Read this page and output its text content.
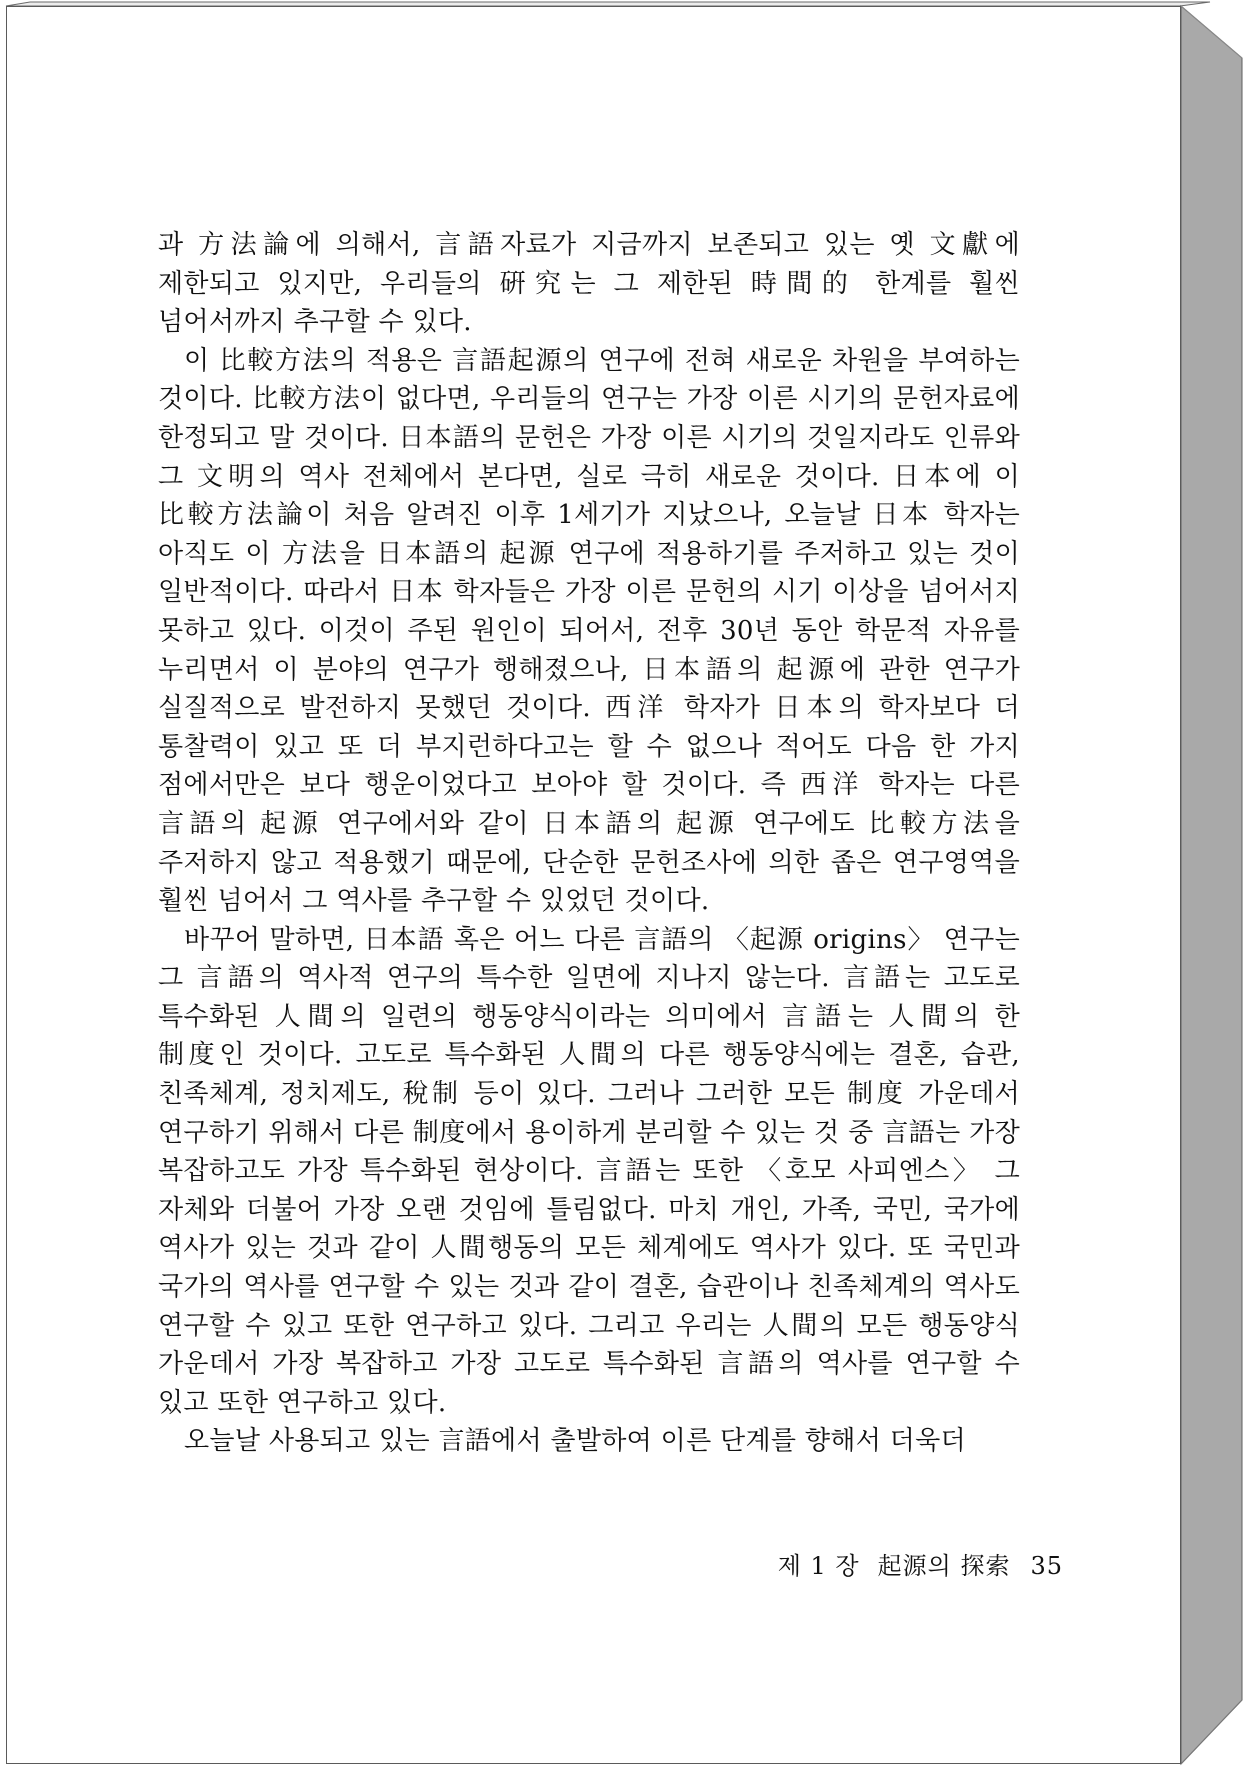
과 方法論에 의해서, 言語자료가 지금까지 보존되고 있는 옛 文獻에 제한되고 있지만, 우리들의 硏究는 그 제한된 時間的 한계를 훨씬 넘어서까지 추구할 수 있다.

이 比較方法의 적용은 言語起源의 연구에 전혀 새로운 차원을 부여하는 것이다. 比較方法이 없다면, 우리들의 연구는 가장 이른 시기의 문헌자료에 한정되고 말 것이다. 日本語의 문헌은 가장 이른 시기의 것일지라도 인류와 그 文明의 역사 전체에서 본다면, 실로 극히 새로운 것이다. 日本에 이 比較方法論이 처음 알려진 이후 1세기가 지났으나, 오늘날 日本 학자는 아직도 이 方法을 日本語의 起源 연구에 적용하기를 주저하고 있는 것이 일반적이다. 따라서 日本 학자들은 가장 이른 문헌의 시기 이상을 넘어서지 못하고 있다. 이것이 주된 원인이 되어서, 전후 30년 동안 학문적 자유를 누리면서 이 분야의 연구가 행해졌으나, 日本語의 起源에 관한 연구가 실질적으로 발전하지 못했던 것이다. 西洋 학자가 日本의 학자보다 더 통찰력이 있고 또 더 부지런하다고는 할 수 없으나 적어도 다음 한 가지 점에서만은 보다 행운이었다고 보아야 할 것이다. 즉 西洋 학자는 다른 言語의 起源 연구에서와 같이 日本語의 起源 연구에도 比較方法을 주저하지 않고 적용했기 때문에, 단순한 문헌조사에 의한 좁은 연구영역을 훨씬 넘어서 그 역사를 추구할 수 있었던 것이다.

바꾸어 말하면, 日本語 혹은 어느 다른 言語의 〈起源 origins〉 연구는 그 言語의 역사적 연구의 특수한 일면에 지나지 않는다. 言語는 고도로 특수화된 人間의 일련의 행동양식이라는 의미에서 言語는 人間의 한 制度인 것이다. 고도로 특수화된 人間의 다른 행동양식에는 결혼, 습관, 친족체계, 정치제도, 稅制 등이 있다. 그러나 그러한 모든 制度 가운데서 연구하기 위해서 다른 制度에서 용이하게 분리할 수 있는 것 중 言語는 가장 복잡하고도 가장 특수화된 현상이다. 言語는 또한 〈호모 사피엔스〉 그 자체와 더불어 가장 오랜 것임에 틀림없다. 마치 개인, 가족, 국민, 국가에 역사가 있는 것과 같이 人間행동의 모든 체계에도 역사가 있다. 또 국민과 국가의 역사를 연구할 수 있는 것과 같이 결혼, 습관이나 친족체계의 역사도 연구할 수 있고 또한 연구하고 있다. 그리고 우리는 人間의 모든 행동양식 가운데서 가장 복잡하고 가장 고도로 특수화된 言語의 역사를 연구할 수 있고 또한 연구하고 있다.

오늘날 사용되고 있는 言語에서 출발하여 이른 단계를 향해서 더욱더

제 1 장 起源의 探索 35
